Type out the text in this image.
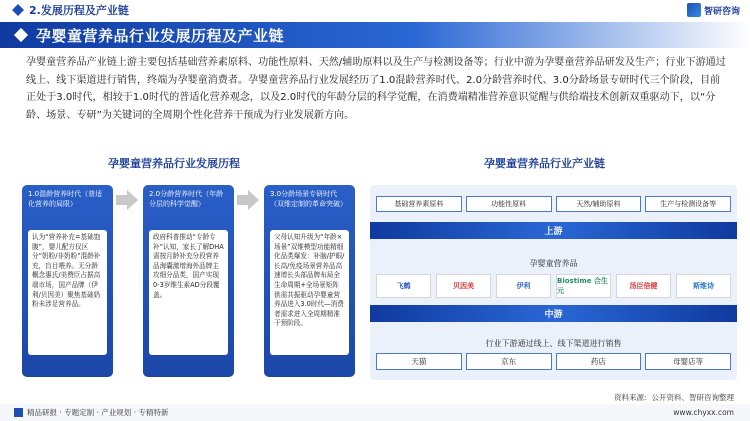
2.发展历程及产业链	智研咨询
孕婴童营养品行业发展历程及产业链

孕婴童营养品产业链上游主要包括基础营养素原料、功能性原料、天然/辅助原料以及生产与检测设备等；行业中游为孕婴童营养品研发及生产；行业下游通过线上、线下渠道进行销售，终端为孕婴童消费者。孕婴童营养品行业发展经历了1.0混龄营养时代、2.0分龄营养时代、3.0分龄场景专研时代三个阶段，目前正处于3.0时代，相较于1.0时代的普适化营养观念，以及2.0时代的年龄分层的科学觉醒，在消费端精准营养意识觉醒与供给端技术创新双重驱动下，以“分龄、场景、专研”为关键词的全周期个性化营养干预成为行业发展新方向。

孕婴童营养品行业发展历程	孕婴童营养品行业产业链
1.0混龄营养时代（普适化营养的局限）
认为“营养补充=基础饱腹”，婴儿配方仅区分“奶粉/非奶粉”混龄补充，盲目喂养。无分龄概念惠氏/美赞臣占据高端市场，国产品牌（伊利/贝因美）聚焦基础奶粉未涉足营养品。
2.0分龄营养时代（年龄分层的科学觉醒）
政府科普推动“专龄专补”认知，家长了解DHA需按月龄补充分段营养品海囊激增海外品牌主攻细分品类，国产实现0-3岁维生素AD分段覆盖。
3.0分龄场景专研时代（双维定制的革命突破）
父母认知升级为“年龄×场景”双维模型功能精细化品类爆发：补脑/护眼/长高/免疫场景营养品高速增长头部品牌布局全生命周期+全场景矩阵供需共振驱动孕婴童营养品进入3.0时代—消费者需求进入全周期精准干预阶段。
基础营养素原料	功能性原料	天然/辅助原料	生产与检测设备等
上游
孕婴童营养品
飞鹤	贝因美	伊利
Biostime 合生元
汤臣倍健	斯维诗
中游
行业下游通过线上、线下渠道进行销售
天猫	京东	药店	母婴店等
资料来源：公开资料、智研咨询整理
精品研报 · 专题定制 · 产业规划 · 专精特新	www.chyxx.com
